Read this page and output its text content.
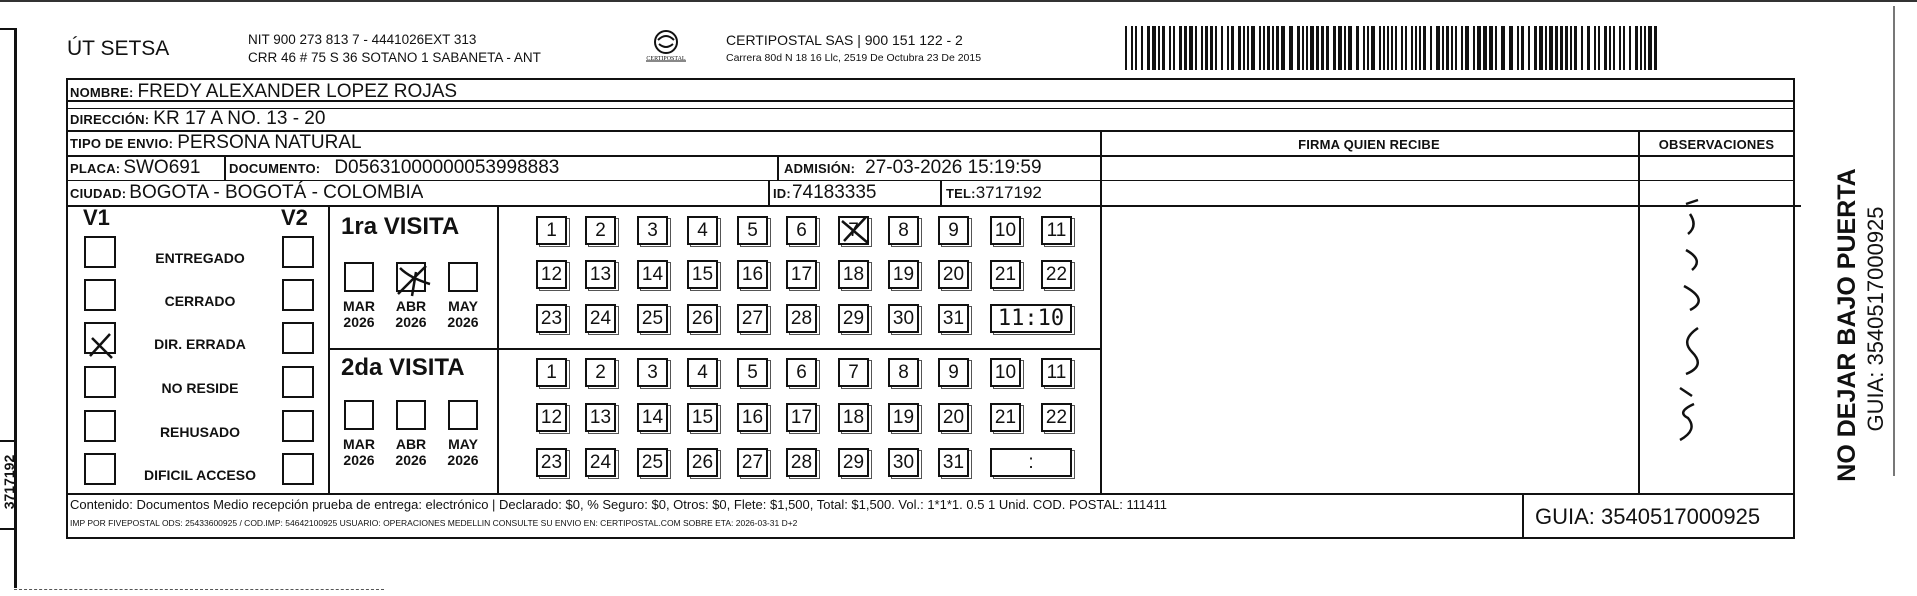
3717192
ÚT SETSA	NIT 900 273 813 7 - 4441026EXT 313
CRR 46 # 75 S 36 SOTANO 1 SABANETA - ANT	CERTIPOSTAL
CERTIPOSTAL SAS | 900 151 122 - 2
Carrera 80d N 18 16 Llc, 2519 De Octubra 23 De 2015
NOMBRE: FREDY ALEXANDER LOPEZ ROJAS
DIRECCIÓN: KR 17 A NO. 13 - 20
TIPO DE ENVIO: PERSONA NATURAL	FIRMA QUIEN RECIBE	OBSERVACIONES
PLACA: SWO691 DOCUMENTO: D05631000000053998883	ADMISIÓN: 27-03-2026 15:19:59
CIUDAD: BOGOTA - BOGOTÁ - COLOMBIA	ID: 74183335	TEL: 3717192
V1	V2
ENTREGADO
CERRADO
DIR. ERRADA
NO RESIDE
REHUSADO
DIFICIL ACCESO
1ra VISITA
2da VISITA
MAR
2026
ABR
2026
MAY
2026
MAR
2026
ABR
2026
MAY
2026
1	2	3	4	5	6	7	8	9	10 11
12 13 14 15 16 17 18 19 20 21 22
23 24 25 26 27 28 29 30 31	11:10
1	2	3	4	5	6	7	8	9	10 11
12 13 14 15 16 17 18 19 20 21 22
23 24 25 26 27 28 29 30 31	:
Contenido: Documentos Medio recepción prueba de entrega: electrónico | Declarado: $0, % Seguro: $0, Otros: $0, Flete: $1,500, Total: $1,500. Vol.: 1*1*1. 0.5 1 Unid. COD. POSTAL: 111411
IMP POR FIVEPOSTAL ODS: 25433600925 / COD.IMP: 54642100925 USUARIO: OPERACIONES MEDELLIN CONSULTE SU ENVIO EN: CERTIPOSTAL.COM SOBRE ETA: 2026-03-31 D+2	GUIA: 3540517000925
NO DEJAR BAJO PUERTA GUIA: 3540517000925
